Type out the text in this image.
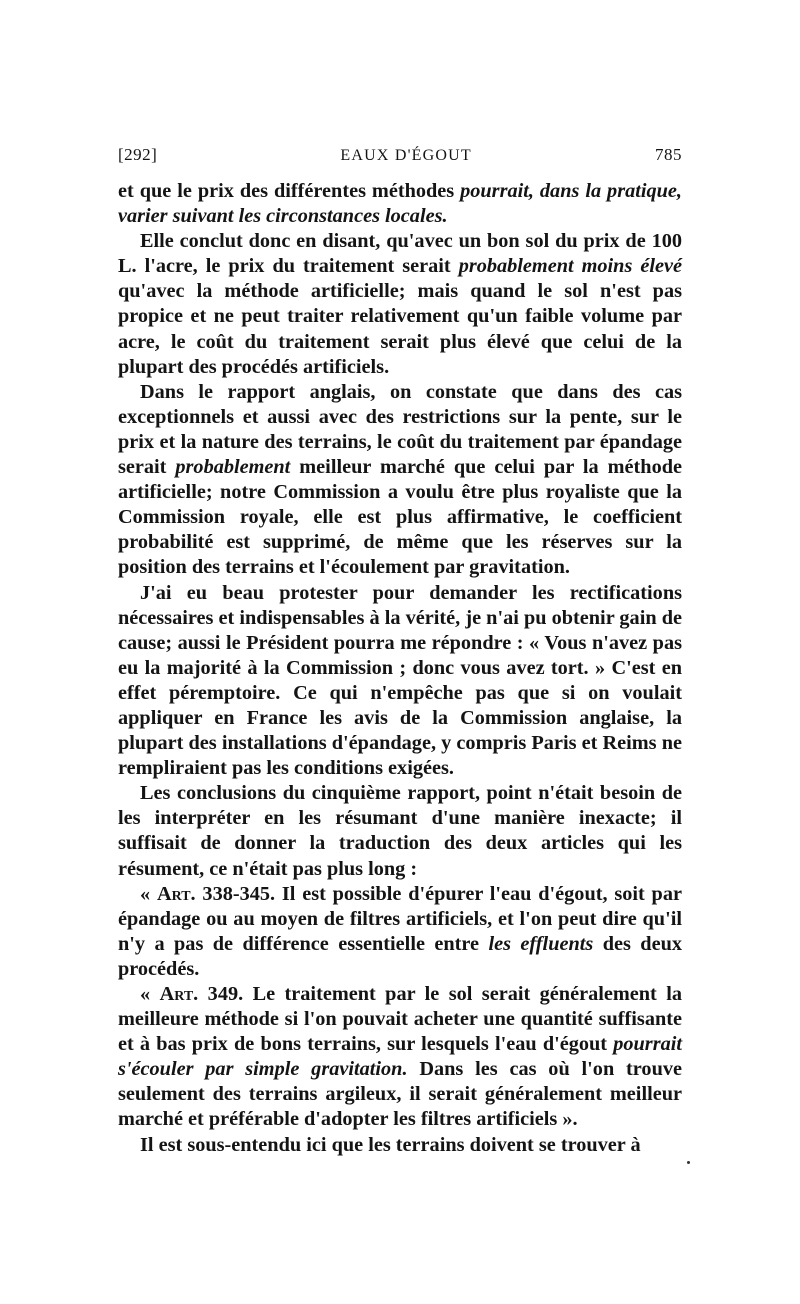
[292]	EAUX D'ÉGOUT	785

et que le prix des différentes méthodes pourrait, dans la pratique, varier suivant les circonstances locales.

Elle conclut donc en disant, qu'avec un bon sol du prix de 100 L. l'acre, le prix du traitement serait probablement moins élevé qu'avec la méthode artificielle; mais quand le sol n'est pas propice et ne peut traiter relativement qu'un faible volume par acre, le coût du traitement serait plus élevé que celui de la plupart des procédés artificiels.

Dans le rapport anglais, on constate que dans des cas exceptionnels et aussi avec des restrictions sur la pente, sur le prix et la nature des terrains, le coût du traitement par épandage serait probablement meilleur marché que celui par la méthode artificielle; notre Commission a voulu être plus royaliste que la Commission royale, elle est plus affirmative, le coefficient probabilité est supprimé, de même que les réserves sur la position des terrains et l'écoulement par gravitation.

J'ai eu beau protester pour demander les rectifications nécessaires et indispensables à la vérité, je n'ai pu obtenir gain de cause; aussi le Président pourra me répondre : « Vous n'avez pas eu la majorité à la Commission ; donc vous avez tort. » C'est en effet péremptoire. Ce qui n'empêche pas que si on voulait appliquer en France les avis de la Commission anglaise, la plupart des installations d'épandage, y compris Paris et Reims ne rempliraient pas les conditions exigées.

Les conclusions du cinquième rapport, point n'était besoin de les interpréter en les résumant d'une manière inexacte; il suffisait de donner la traduction des deux articles qui les résument, ce n'était pas plus long :

« Art. 338-345. Il est possible d'épurer l'eau d'égout, soit par épandage ou au moyen de filtres artificiels, et l'on peut dire qu'il n'y a pas de différence essentielle entre les effluents des deux procédés.

« Art. 349. Le traitement par le sol serait généralement la meilleure méthode si l'on pouvait acheter une quantité suffisante et à bas prix de bons terrains, sur lesquels l'eau d'égout pourrait s'écouler par simple gravitation. Dans les cas où l'on trouve seulement des terrains argileux, il serait généralement meilleur marché et préférable d'adopter les filtres artificiels ».

Il est sous-entendu ici que les terrains doivent se trouver à
